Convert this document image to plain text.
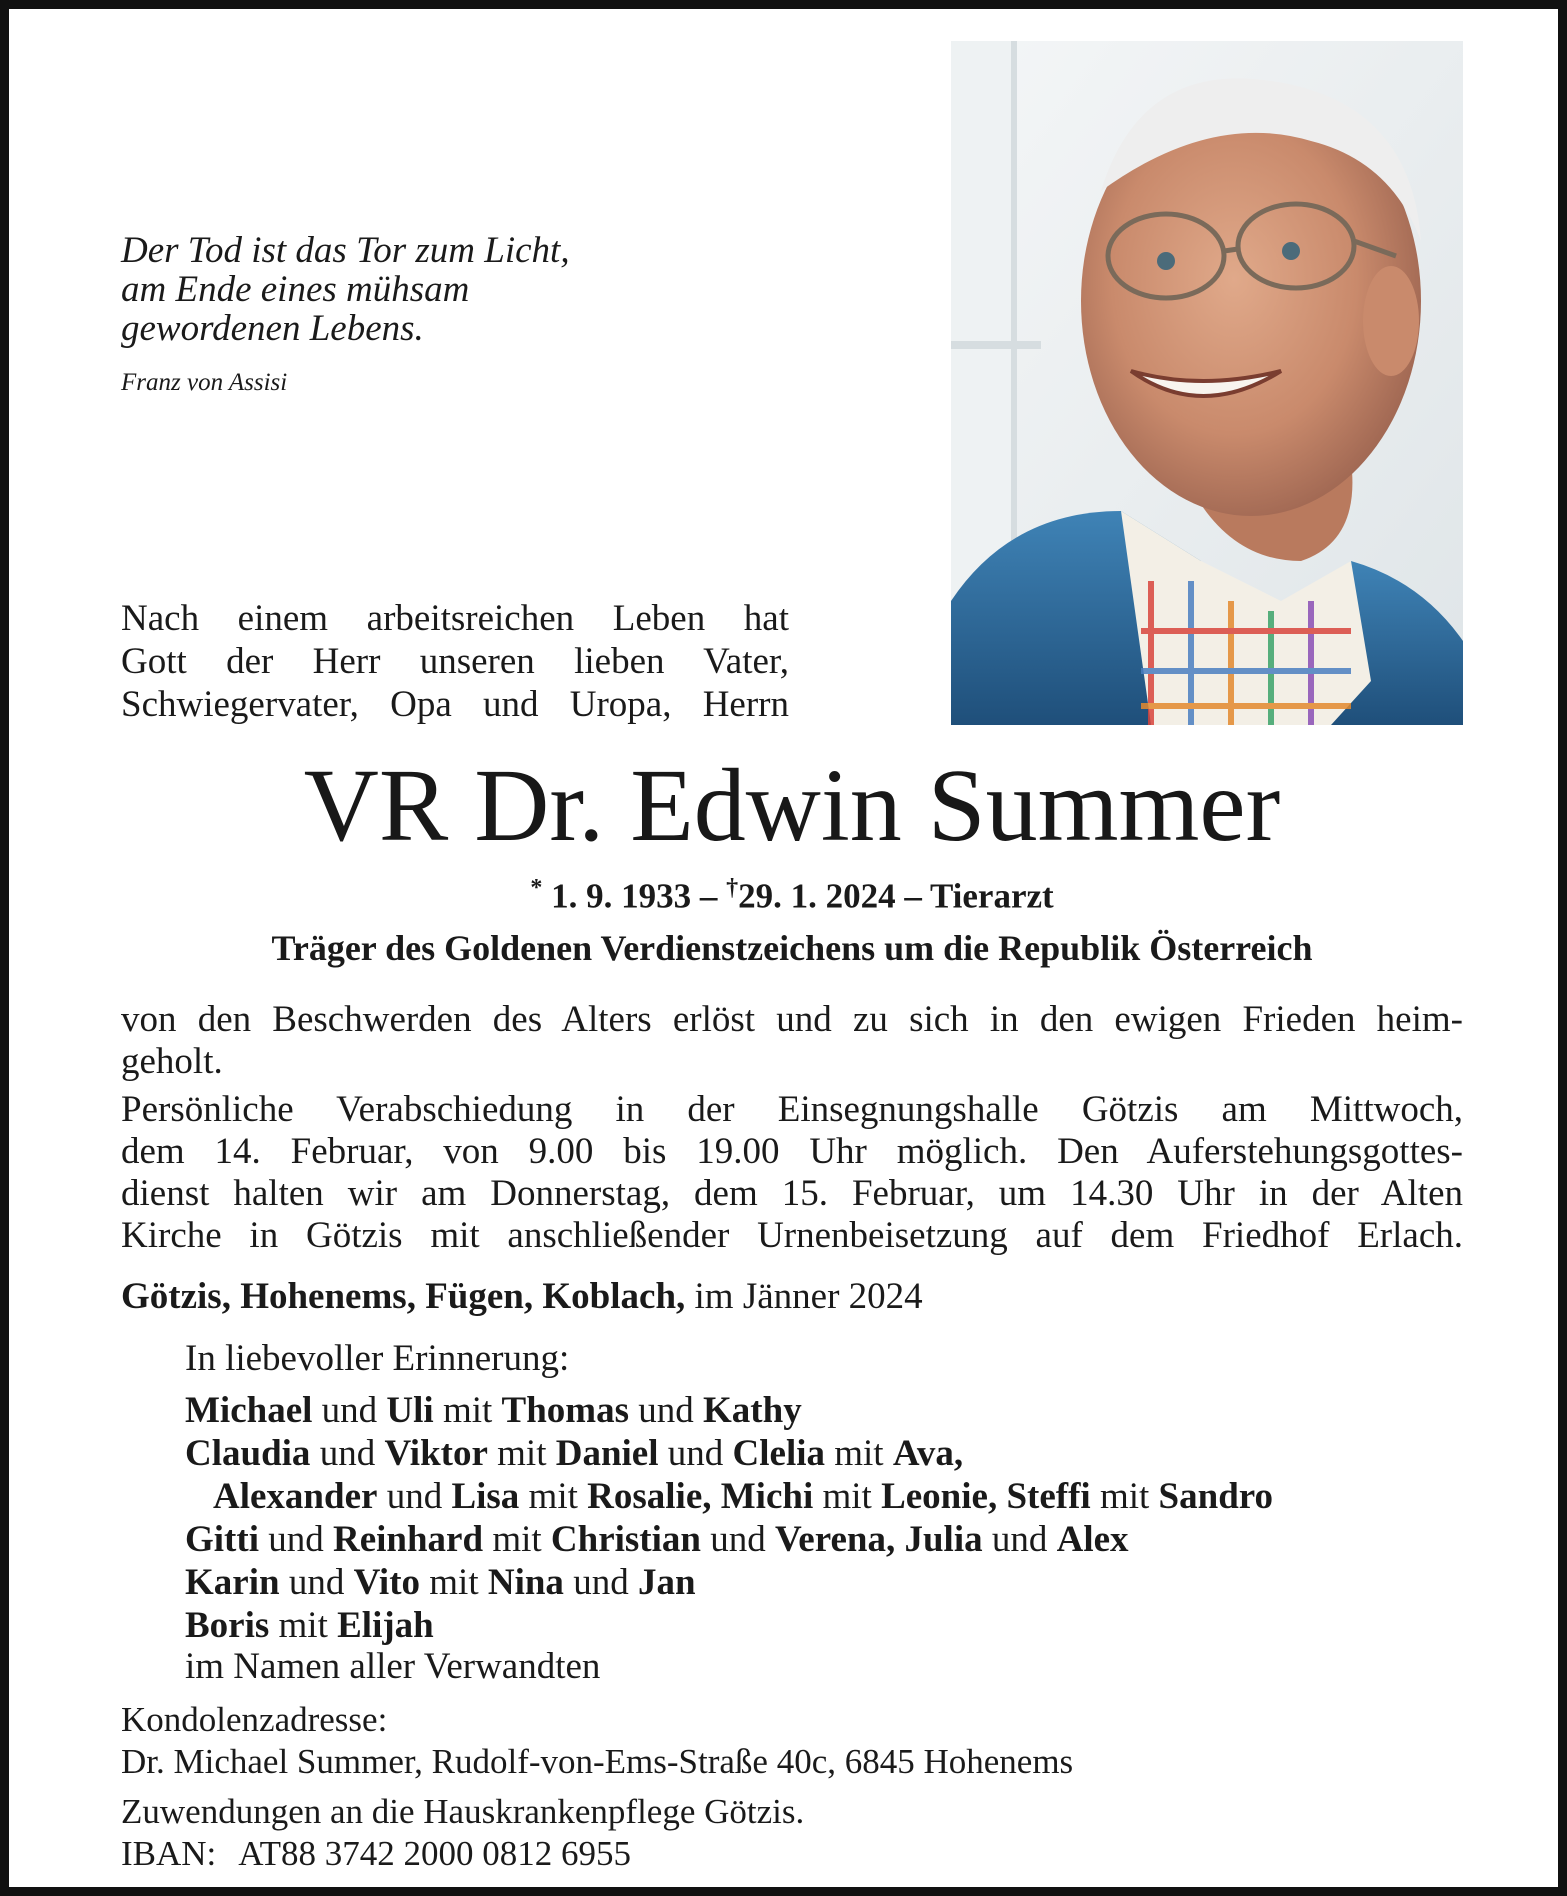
Der Tod ist das Tor zum Licht,
am Ende eines mühsam
gewordenen Lebens.
Franz von Assisi
Nach einem arbeitsreichen Leben hat
Gott der Herr unseren lieben Vater,
Schwiegervater, Opa und Uropa, Herrn
VR Dr. Edwin Summer
* 1. 9. 1933 – †29. 1. 2024 – Tierarzt
Träger des Goldenen Verdienstzeichens um die Republik Österreich
von den Beschwerden des Alters erlöst und zu sich in den ewigen Frieden heim-
geholt.
Persönliche Verabschiedung in der Einsegnungshalle Götzis am Mittwoch,
dem 14. Februar, von 9.00 bis 19.00 Uhr möglich. Den Auferstehungsgottes-
dienst halten wir am Donnerstag, dem 15. Februar, um 14.30 Uhr in der Alten
Kirche in Götzis mit anschließender Urnenbeisetzung auf dem Friedhof Erlach.
Götzis, Hohenems, Fügen, Koblach, im Jänner 2024
In liebevoller Erinnerung:
Michael und Uli mit Thomas und Kathy
Claudia und Viktor mit Daniel und Clelia mit Ava,
Alexander und Lisa mit Rosalie, Michi mit Leonie, Steffi mit Sandro
Gitti und Reinhard mit Christian und Verena, Julia und Alex
Karin und Vito mit Nina und Jan
Boris mit Elijah
im Namen aller Verwandten
Kondolenzadresse:
Dr. Michael Summer, Rudolf-von-Ems-Straße 40c, 6845 Hohenems
Zuwendungen an die Hauskrankenpflege Götzis.
IBAN: AT88 3742 2000 0812 6955
